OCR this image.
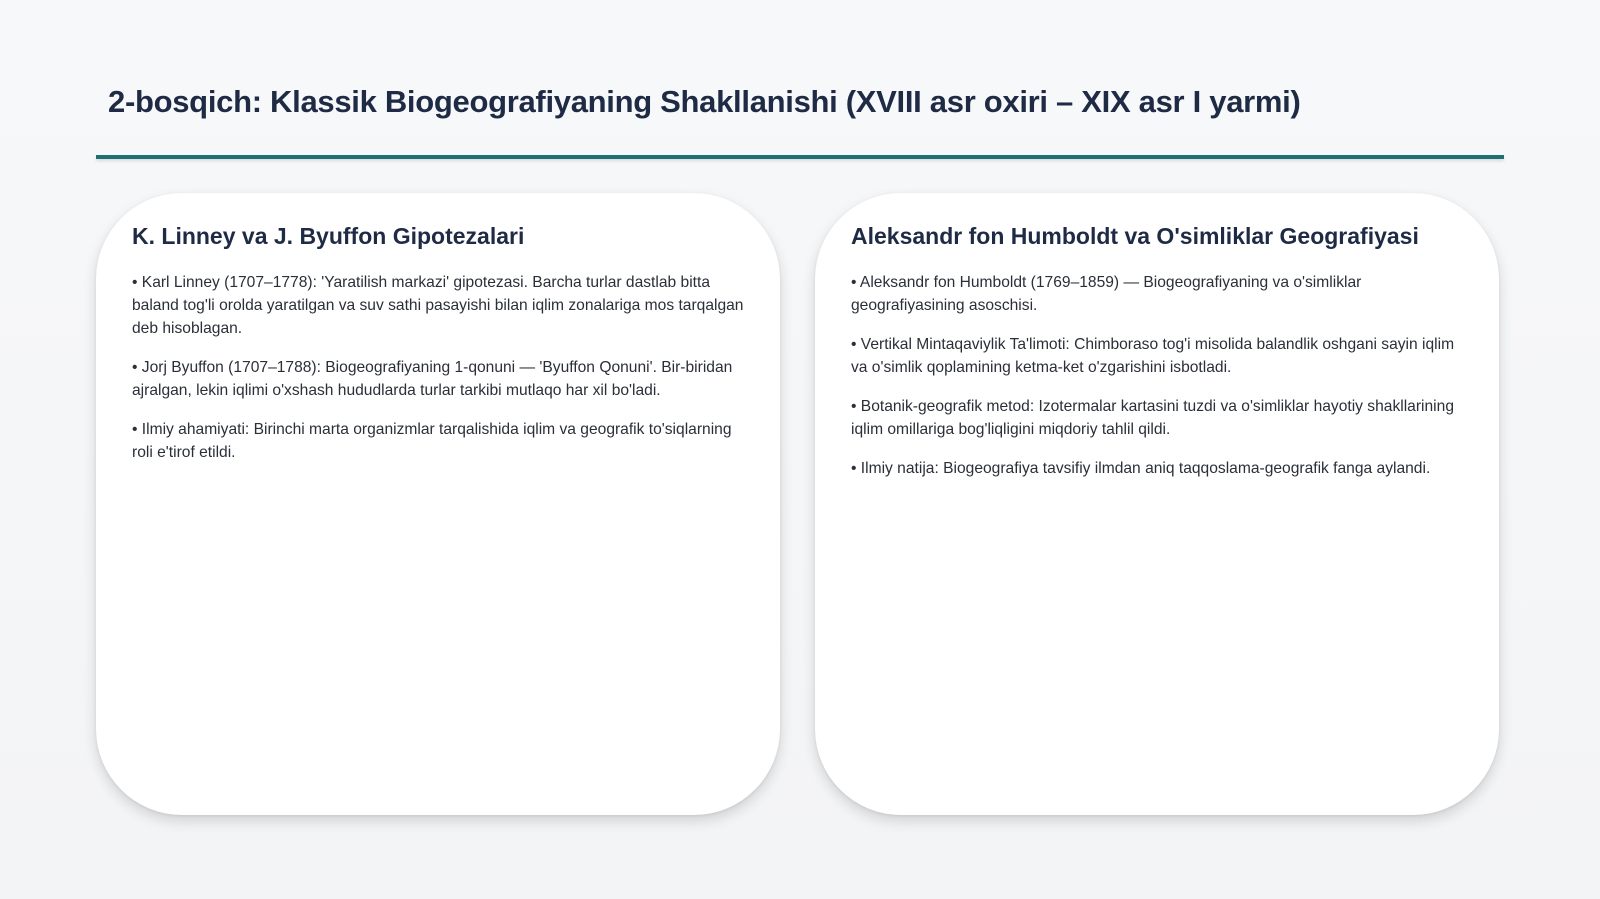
2-bosqich: Klassik Biogeografiyaning Shakllanishi (XVIII asr oxiri – XIX asr I yarmi)
K. Linney va J. Byuffon Gipotezalari

• Karl Linney (1707–1778): 'Yaratilish markazi' gipotezasi. Barcha turlar dastlab bitta baland tog'li orolda yaratilgan va suv sathi pasayishi bilan iqlim zonalariga mos tarqalgan deb hisoblagan.

• Jorj Byuffon (1707–1788): Biogeografiyaning 1-qonuni — 'Byuffon Qonuni'. Bir-biridan ajralgan, lekin iqlimi o'xshash hududlarda turlar tarkibi mutlaqo har xil bo'ladi.

• Ilmiy ahamiyati: Birinchi marta organizmlar tarqalishida iqlim va geografik to'siqlarning roli e'tirof etildi.

Aleksandr fon Humboldt va O'simliklar Geografiyasi

• Aleksandr fon Humboldt (1769–1859) — Biogeografiyaning va o'simliklar geografiyasining asoschisi.

• Vertikal Mintaqaviylik Ta'limoti: Chimboraso tog'i misolida balandlik oshgani sayin iqlim va o'simlik qoplamining ketma-ket o'zgarishini isbotladi.

• Botanik-geografik metod: Izotermalar kartasini tuzdi va o'simliklar hayotiy shakllarining iqlim omillariga bog'liqligini miqdoriy tahlil qildi.

• Ilmiy natija: Biogeografiya tavsifiy ilmdan aniq taqqoslama-geografik fanga aylandi.
